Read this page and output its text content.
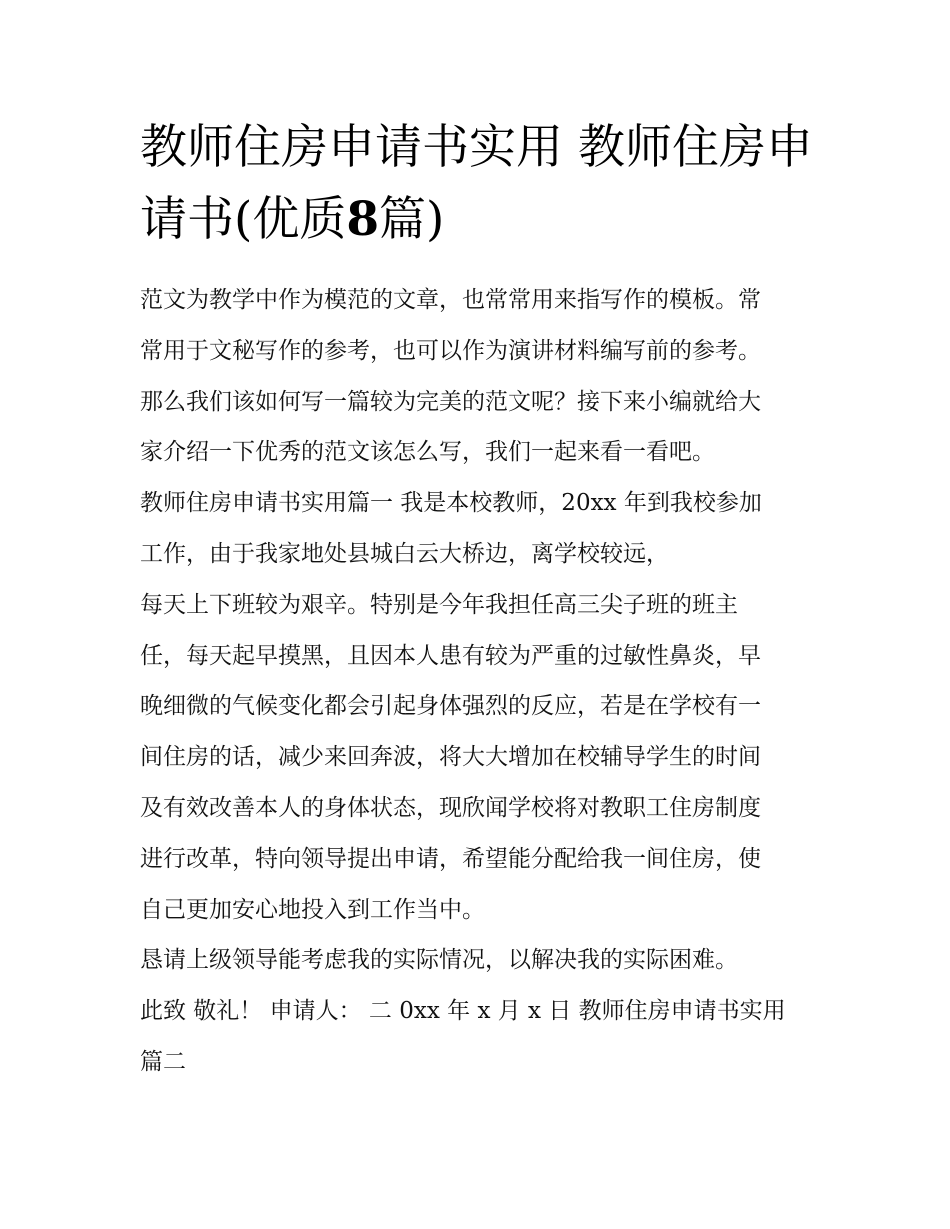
教师住房申请书实用 教师住房申请书(优质8篇)
范文为教学中作为模范的文章，也常常用来指写作的模板。常
常用于文秘写作的参考，也可以作为演讲材料编写前的参考。
那么我们该如何写一篇较为完美的范文呢？接下来小编就给大
家介绍一下优秀的范文该怎么写，我们一起来看一看吧。
教师住房申请书实用篇一 我是本校教师，20xx 年到我校参加
工作，由于我家地处县城白云大桥边，离学校较远，
每天上下班较为艰辛。特别是今年我担任高三尖子班的班主
任，每天起早摸黑，且因本人患有较为严重的过敏性鼻炎，早
晚细微的气候变化都会引起身体强烈的反应，若是在学校有一
间住房的话，减少来回奔波，将大大增加在校辅导学生的时间
及有效改善本人的身体状态，现欣闻学校将对教职工住房制度
进行改革，特向领导提出申请，希望能分配给我一间住房，使
自己更加安心地投入到工作当中。
恳请上级领导能考虑我的实际情况，以解决我的实际困难。
此致 敬礼！ 申请人： 二 0xx 年 x 月 x 日 教师住房申请书实用
篇二
